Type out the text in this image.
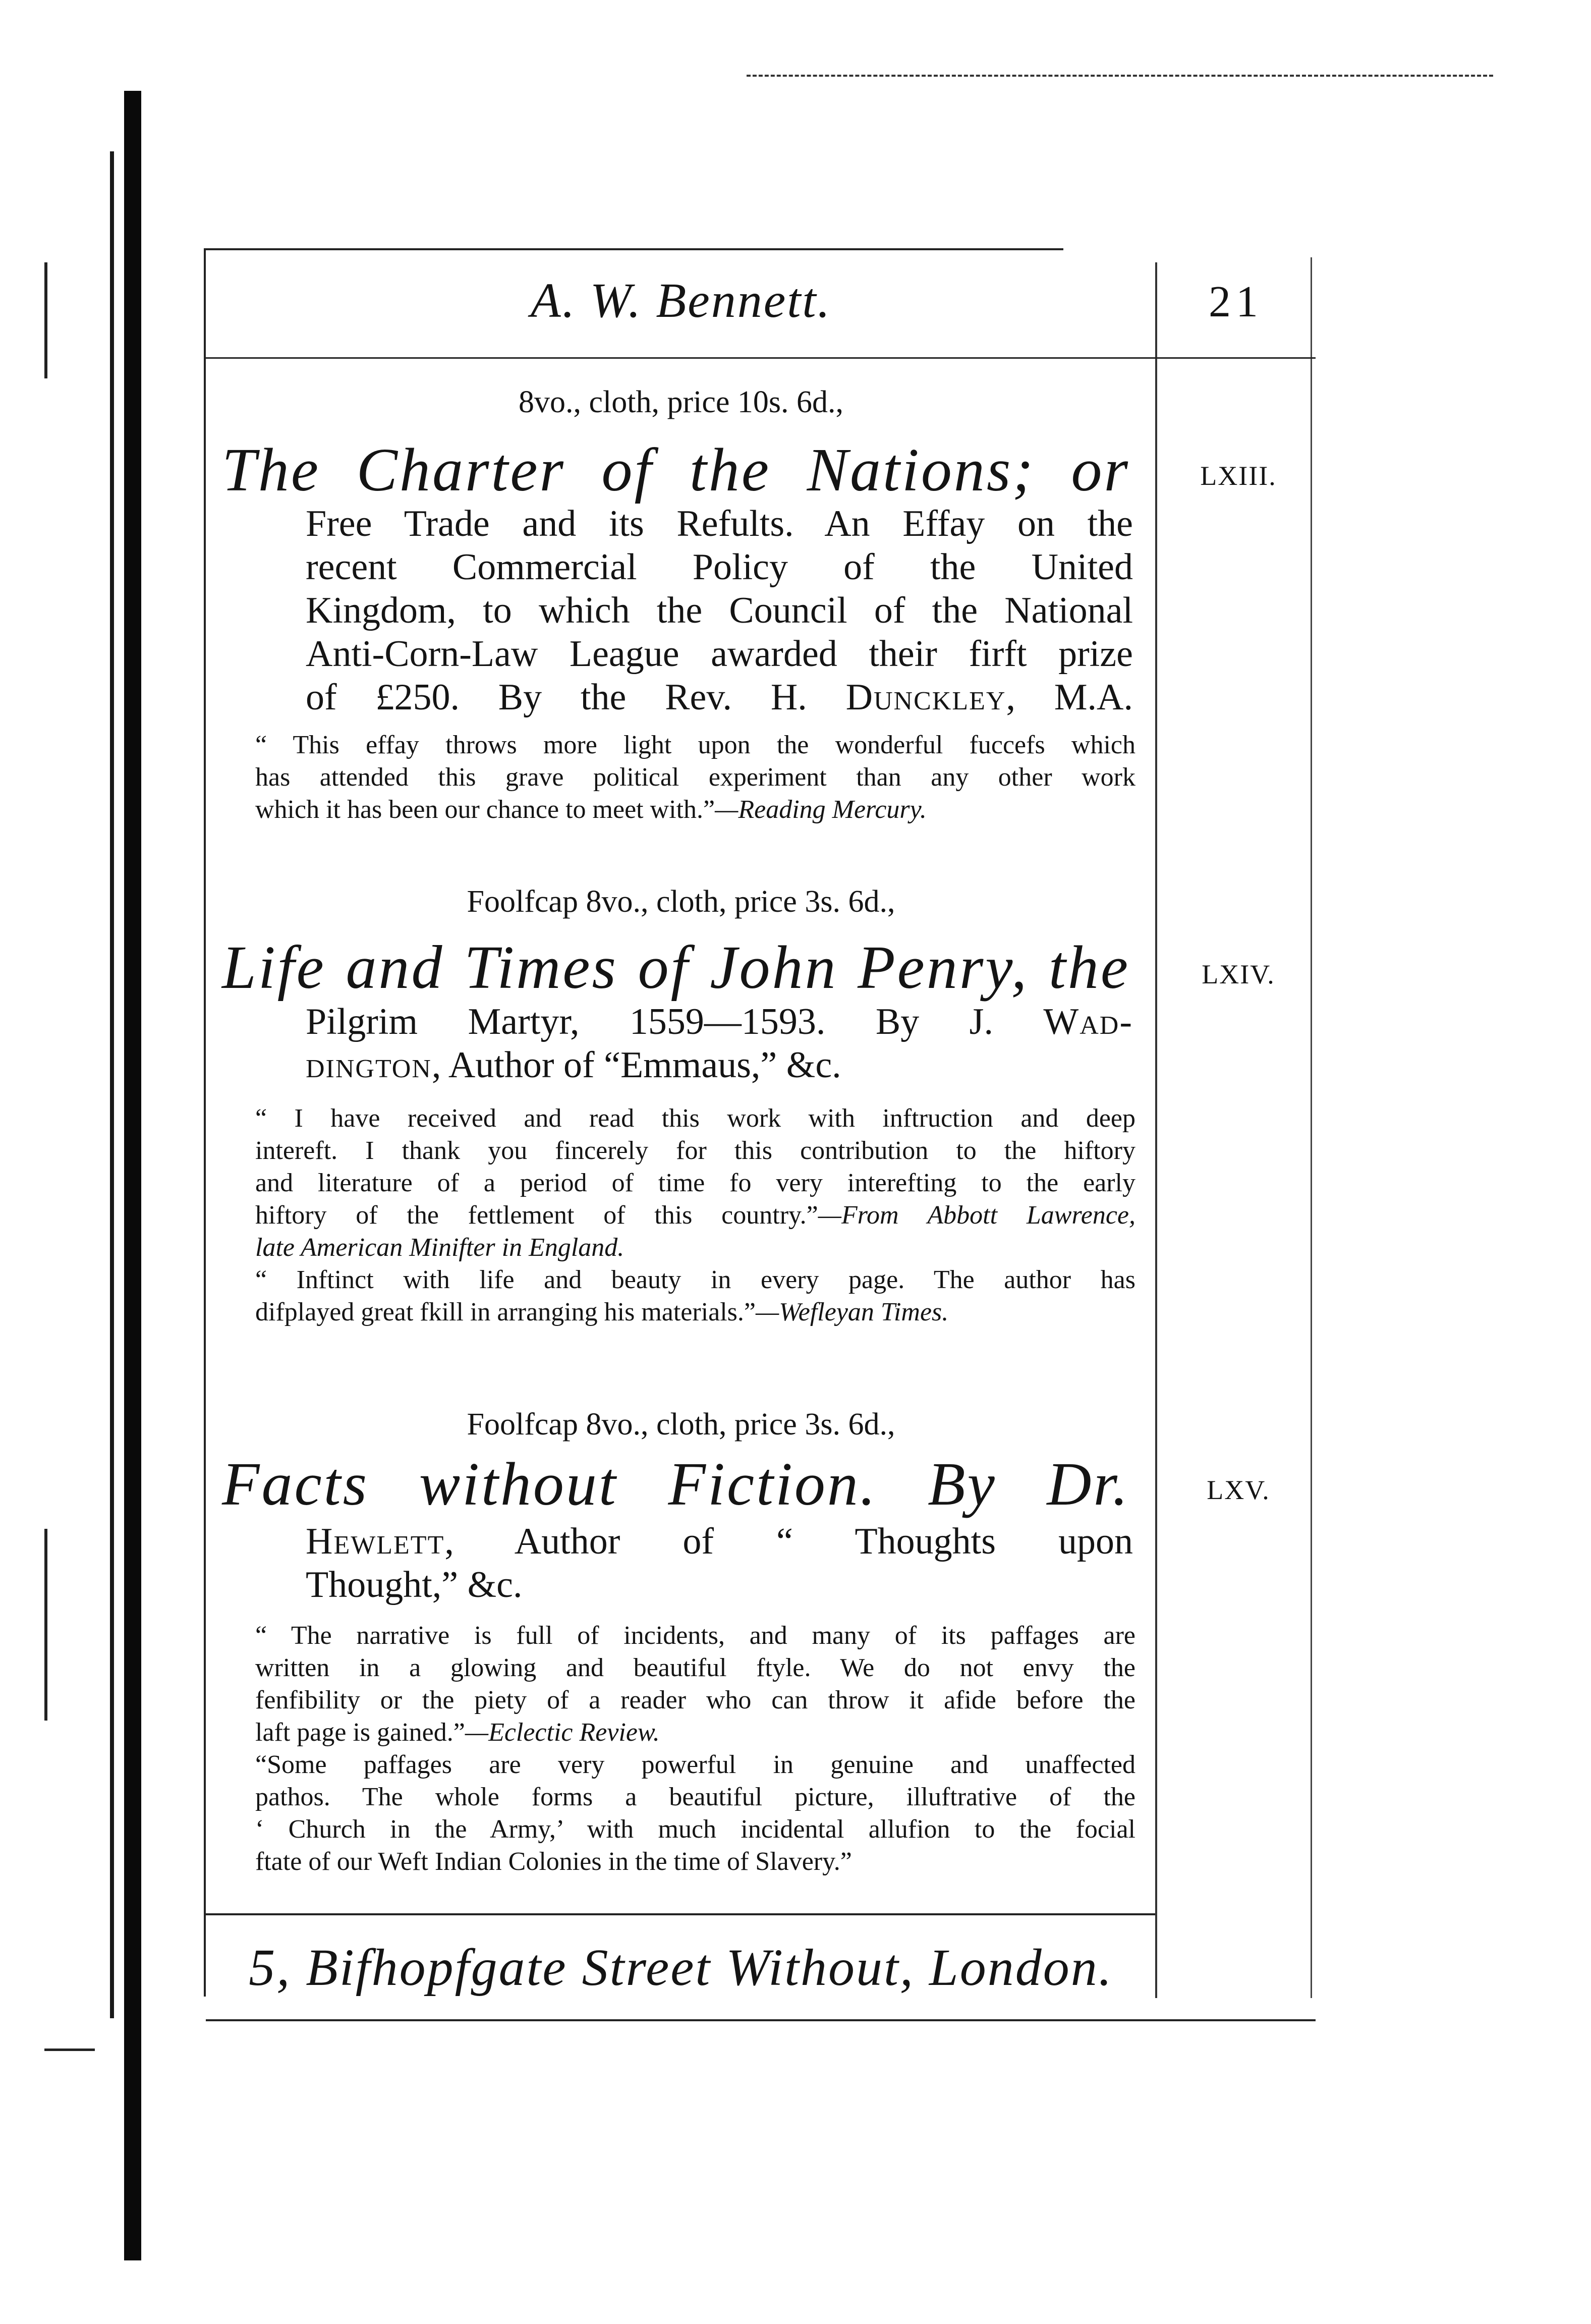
A. W. Bennett.	21
8vo., cloth, price 10s. 6d.,
LXIII.
The Charter of the Nations; or
Free Trade and its Refults. An Effay on the
recent Commercial Policy of the United
Kingdom, to which the Council of the National
Anti-Corn-Law League awarded their firft prize
of £250. By the Rev. H. Dunckley, M.A.
“ This effay throws more light upon the wonderful fuccefs which
has attended this grave political experiment than any other work
which it has been our chance to meet with.”—Reading Mercury.
Foolfcap 8vo., cloth, price 3s. 6d.,
LXIV.
Life and Times of John Penry, the
Pilgrim Martyr, 1559—1593. By J. Wad-
dington, Author of “Emmaus,” &c.
“ I have received and read this work with inftruction and deep
intereft. I thank you fincerely for this contribution to the hiftory
and literature of a period of time fo very interefting to the early
hiftory of the fettlement of this country.”—From Abbott Lawrence,
late American Minifter in England.
“ Inftinct with life and beauty in every page. The author has
difplayed great fkill in arranging his materials.”—Wefleyan Times.
Foolfcap 8vo., cloth, price 3s. 6d.,
LXV.
Facts without Fiction. By Dr.
Hewlett, Author of “ Thoughts upon
Thought,” &c.
“ The narrative is full of incidents, and many of its paffages are
written in a glowing and beautiful ftyle. We do not envy the
fenfibility or the piety of a reader who can throw it afide before the
laft page is gained.”—Eclectic Review.
“Some paffages are very powerful in genuine and unaffected
pathos. The whole forms a beautiful picture, illuftrative of the
‘ Church in the Army,’ with much incidental allufion to the focial
ftate of our Weft Indian Colonies in the time of Slavery.”
5, Bifhopfgate Street Without, London.
